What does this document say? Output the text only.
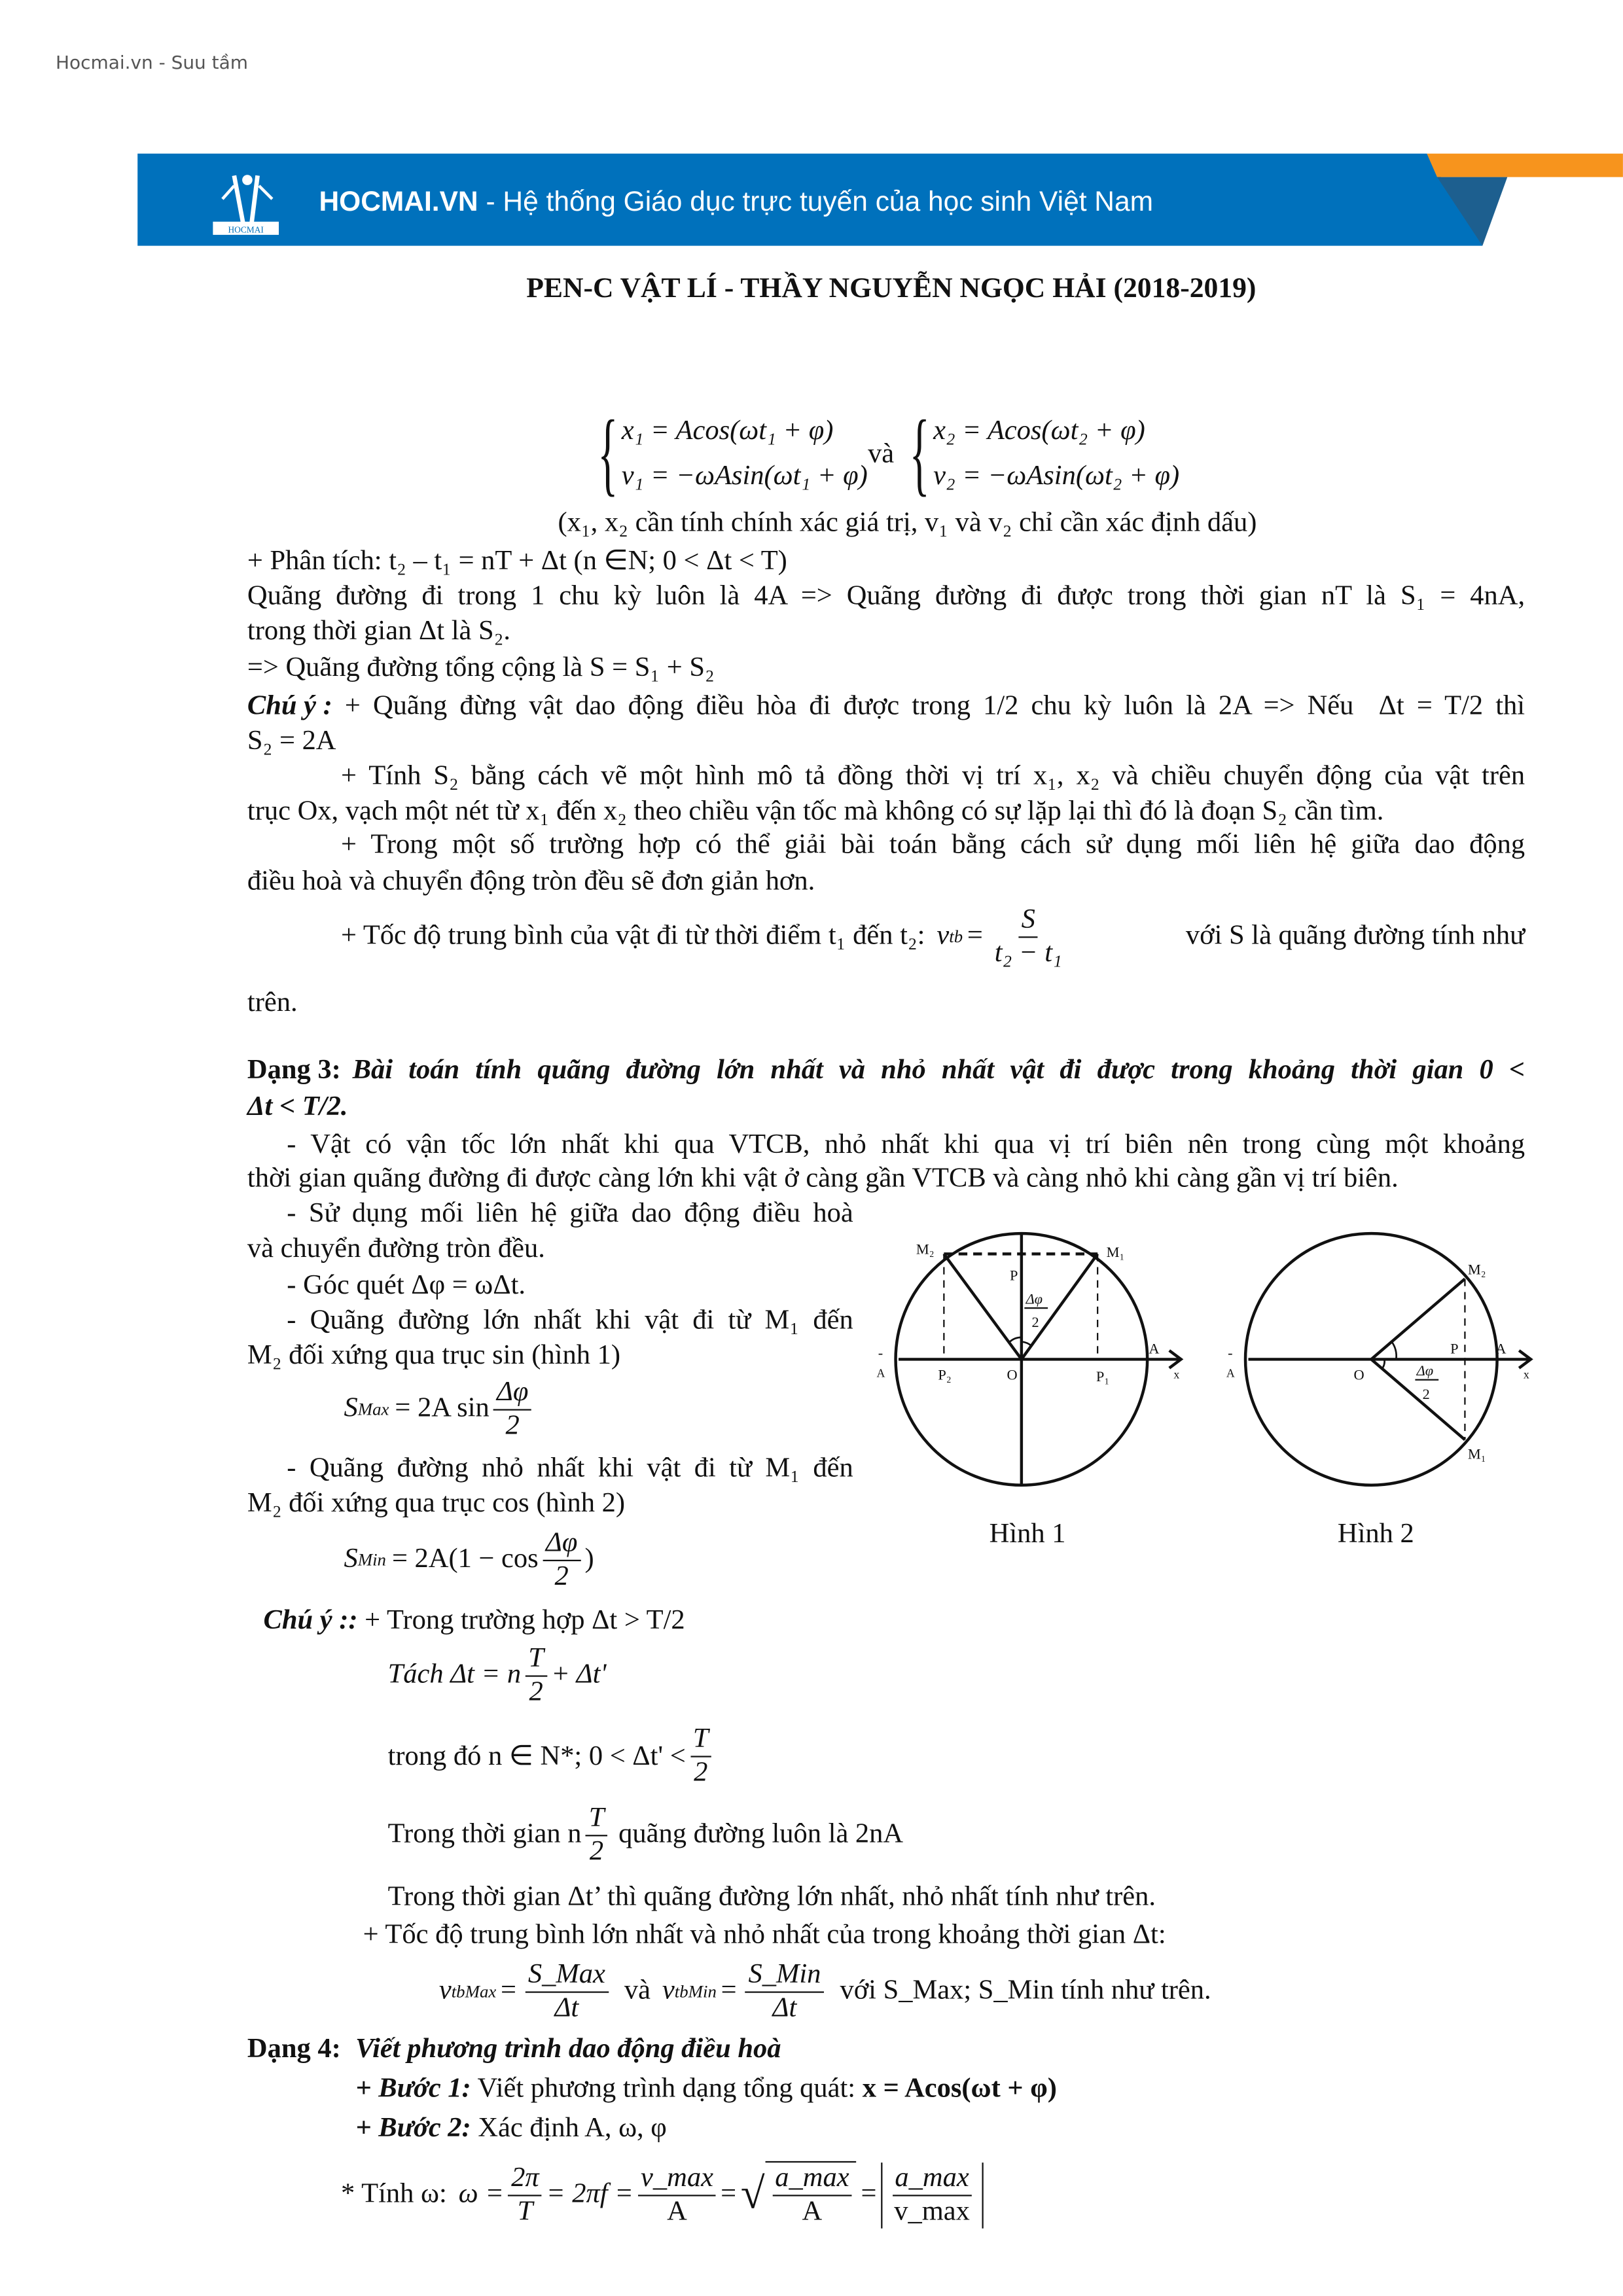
Hocmai.vn - Suu tầm
HOCMAI
HOCMAI.VN - Hệ thống Giáo dục trực tuyến của học sinh Việt Nam
PEN-C VẬT LÍ - THẦY NGUYỄN NGỌC HẢI (2018-2019)
{ x₁ = Acos(ωt₁ + φ)
v₁ = −ωAsin(ωt₁ + φ)
và { x₂ = Acos(ωt₂ + φ)
v₂ = −ωAsin(ωt₂ + φ)
(x₁, x₂ cần tính chính xác giá trị, v₁ và v₂ chỉ cần xác định dấu)
+ Phân tích: t₂ – t₁ = nT + Δt (n ∈N; 0 < Δt < T)
Quãng đường đi trong 1 chu kỳ luôn là 4A => Quãng đường đi được trong thời gian nT là S₁ = 4nA,
trong thời gian Δt là S₂.
=> Quãng đường tổng cộng là S = S₁ + S₂
Chú ý : + Quãng đừng vật dao động điều hòa đi được trong 1/2 chu kỳ luôn là 2A => Nếu  Δt = T/2 thì
S₂ = 2A
+ Tính S₂ bằng cách vẽ một hình mô tả đồng thời vị trí x₁, x₂ và chiều chuyển động của vật trên
trục Ox, vạch một nét từ x₁ đến x₂ theo chiều vận tốc mà không có sự lặp lại thì đó là đoạn S₂ cần tìm.
+ Trong một số trường hợp có thể giải bài toán bằng cách sử dụng mối liên hệ giữa dao động
điều hoà và chuyển động tròn đều sẽ đơn giản hơn.
+ Tốc độ trung bình của vật đi từ thời điểm t₁ đến t₂: v tb = $\frac{S}{\text{t₂ − t₁}}$	với S là quãng đường tính như
trên.
Dạng 3: Bài toán tính quãng đường lớn nhất và nhỏ nhất vật đi được trong khoảng thời gian 0 <
Δt < T/2.
- Vật có vận tốc lớn nhất khi qua VTCB, nhỏ nhất khi qua vị trí biên nên trong cùng một khoảng
thời gian quãng đường đi được càng lớn khi vật ở càng gần VTCB và càng nhỏ khi càng gần vị trí biên.
- Sử dụng mối liên hệ giữa dao động điều hoà
và chuyển đường tròn đều.
- Góc quét Δφ = ωΔt.
- Quãng đường lớn nhất khi vật đi từ M₁ đến
M₂ đối xứng qua trục sin (hình 1)
S Max = 2A $\sin \frac{\Delta\varphi}{2}$
- Quãng đường nhỏ nhất khi vật đi từ M₁ đến
M₂ đối xứng qua trục cos (hình 2)
S Min = $2A(1 - \cos \frac{\Delta\varphi}{2}$ )
M₂	M₁
P
Δφ
2
A
-
A	P₂	O	P₁	x
M₂
M₁
P	A
-
A	O	Δφ
2
x
Hình 1	Hình 2
Chú ý :: + Trong trường hợp Δt > T/2
Tách Δt = n $\frac{T}{2} + \Delta t'$
trong đó n ∈ N*; $0 < \Delta t' < \frac{T}{2}$
Trong thời gian n $\frac{T}{2}$ quãng đường luôn là 2nA
Trong thời gian Δt’ thì quãng đường lớn nhất, nhỏ nhất tính như trên.
+ Tốc độ trung bình lớn nhất và nhỏ nhất của trong khoảng thời gian Δt:
v tbMax = $\frac{\text{S\_Max}}{\Delta t}$ và v tbMin = $\frac{\text{S\_Min}}{\Delta t}$ với S_Max; S_Min tính như trên.
Dạng 4: Viết phương trình dao động điều hoà
+ Bước 1: Viết phương trình dạng tổng quát: x = Acos(ωt + φ)
+ Bước 2: Xác định A, ω, φ
* Tính ω: $\omega = \frac{2\pi}{T} = 2\pi f = \frac{v\_\max}{A}$ = √ $\frac{a\_\max}{A} = \frac{a\_\max}{v\_\max}$
